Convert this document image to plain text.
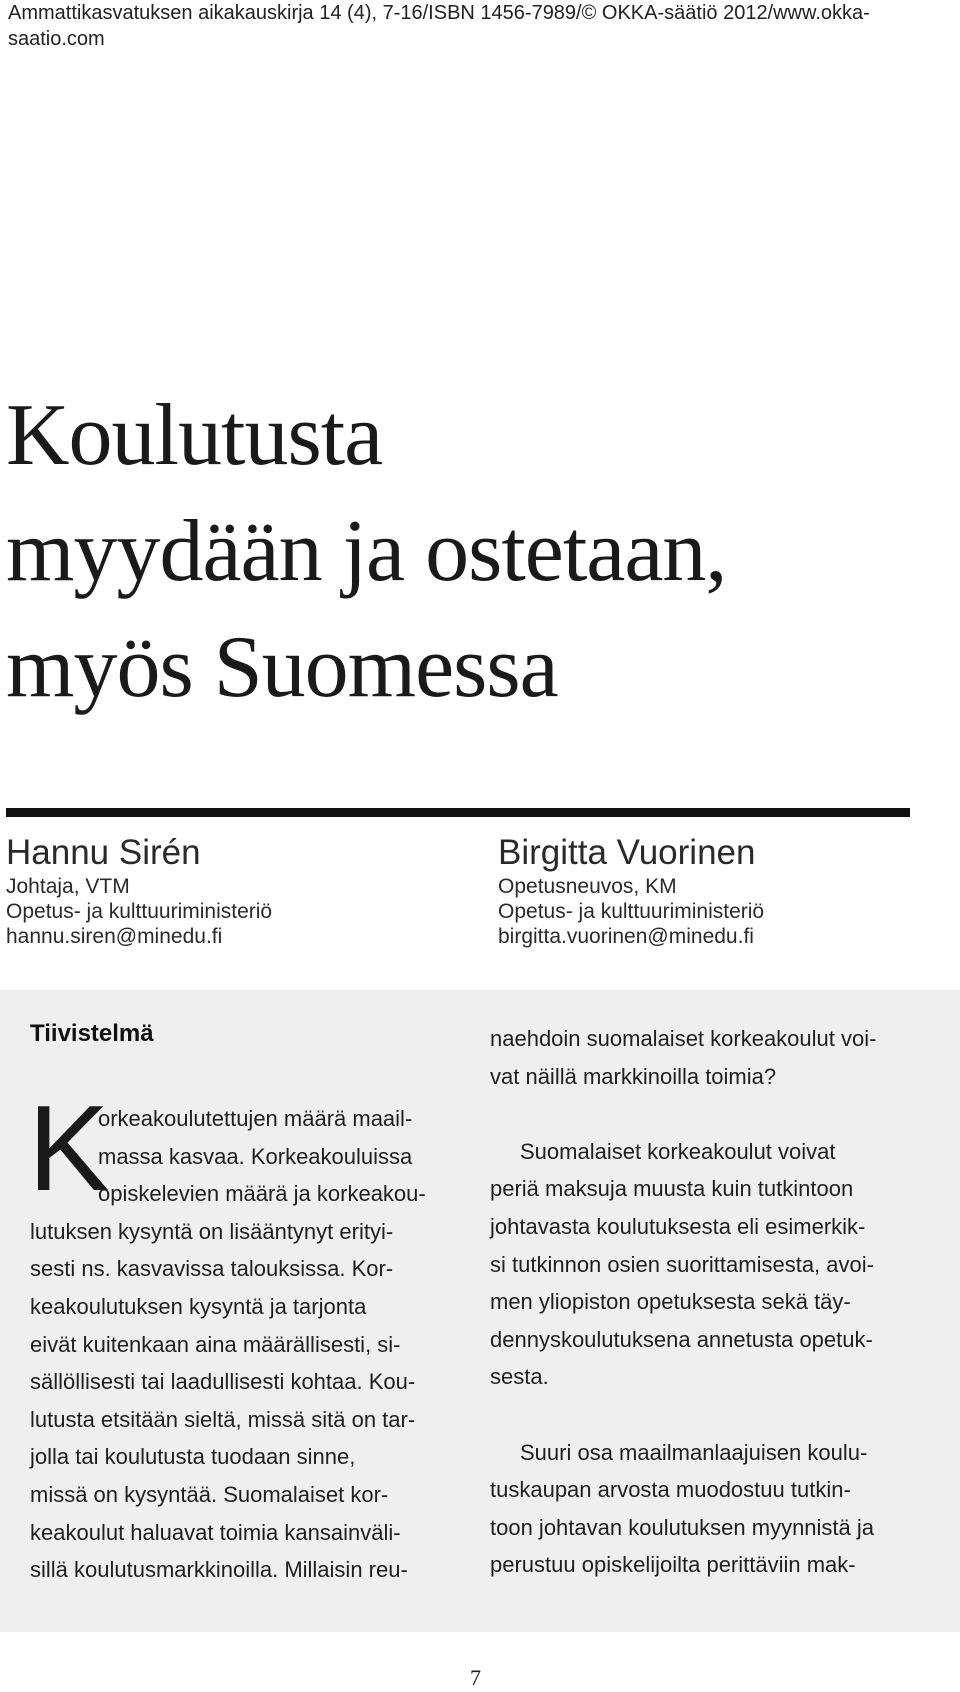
Ammattikasvatuksen aikakauskirja 14 (4), 7-16/ISBN 1456-7989/© OKKA-säätiö 2012/www.okka-
saatio.com
Koulutusta
myydään ja ostetaan,
myös Suomessa
Hannu Sirén
Johtaja, VTM
Opetus- ja kulttuuriministeriö
hannu.siren@minedu.fi
Birgitta Vuorinen
Opetusneuvos, KM
Opetus- ja kulttuuriministeriö
birgitta.vuorinen@minedu.fi
Tiivistelmä
K
orkeakoulutettujen määrä maail-
massa kasvaa. Korkeakouluissa
opiskelevien määrä ja korkeakou-
lutuksen kysyntä on lisääntynyt erityi-
sesti ns. kasvavissa talouksissa. Kor-
keakoulutuksen kysyntä ja tarjonta
eivät kuitenkaan aina määrällisesti, si-
sällöllisesti tai laadullisesti kohtaa. Kou-
lutusta etsitään sieltä, missä sitä on tar-
jolla tai koulutusta tuodaan sinne,
missä on kysyntää. Suomalaiset kor-
keakoulut haluavat toimia kansainväli-
sillä koulutusmarkkinoilla. Millaisin reu-
naehdoin suomalaiset korkeakoulut voi-
vat näillä markkinoilla toimia?
Suomalaiset korkeakoulut voivat
periä maksuja muusta kuin tutkintoon
johtavasta koulutuksesta eli esimerkik-
si tutkinnon osien suorittamisesta, avoi-
men yliopiston opetuksesta sekä täy-
dennyskoulutuksena annetusta opetuk-
sesta.
Suuri osa maailmanlaajuisen koulu-
tuskaupan arvosta muodostuu tutkin-
toon johtavan koulutuksen myynnistä ja
perustuu opiskelijoilta perittäviin mak-
7
